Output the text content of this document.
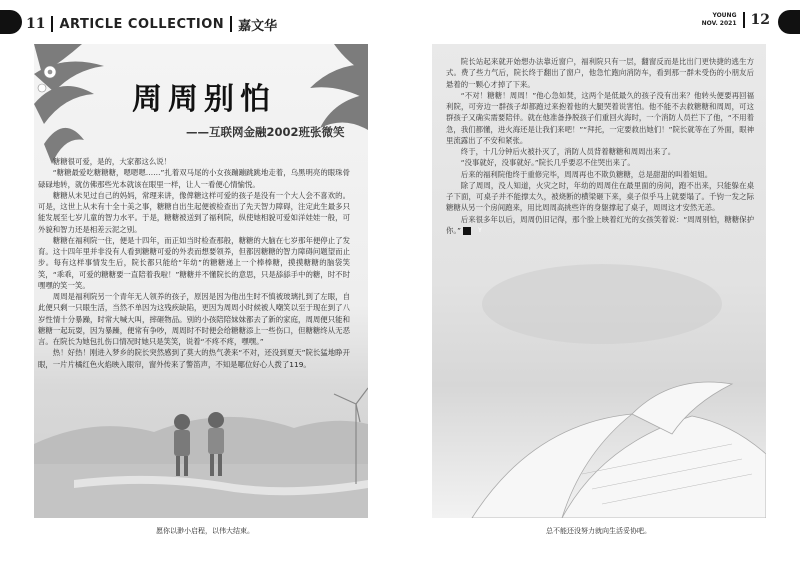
11 ARTICLE COLLECTION 嘉文华
YOUNG
NOV. 2021 12
周周别怕
——互联网金融2002班张微笑

糖糖很可爱，是的，大家都这么说！

“糖糖最爱吃糖糖糖，嗯嗯嗯……”扎着双马尾的小女孩蹦蹦跳跳地走着，乌黑明亮的眼珠骨碌碌地转，就仿佛那些光本就该在眼里一样，让人一看便心情愉悦。

糖糖从未见过自己的妈妈，常理来讲，像俾糖这样可爱的孩子是没有一个大人会不喜欢的。可是，这世上从未有十全十美之事，糖糖自出生起便被检查出了先天智力障碍，注定此生最多只能发展至七岁儿童的智力水平。于是，糖糖被送到了福利院，纵使她相貌可爱如洋娃娃一般，可外貌和智力还是相差云泥之别。

糖糖在福利院一住，便是十四年，而正如当时检查那般，糖糖的大脑在七岁那年便停止了发育。这十四年里并非没有人看到糖糖可爱的外表而想要领养，但都因糖糖的智力障碍问题望而止步。每有这样事情发生后，院长都只能给“年幼”的糖糖递上一个棒棒糖，摸摸糖糖的脑袋笑笑，“乖乖，可爱的糖糖要一直陪着我啦！”糖糖并不懂院长的意思，只是舔舔手中的糖，时不时嘿嘿的笑一笑。

周周是福利院另一个青年无人领养的孩子，原因是因为他出生时不慎被玻璃扎到了左眼，自此便只剩一只眼生活，当然不单因为这残疾缺陷，更因为周周小时候被人嘲笑以至于现在到了八岁性情十分暴躁，时常大喊大叫，摔砸物品。别的小孩陪陪妹妹都去了新的家庭，周周便只能和糖糖一起玩耍，因为暴躁，便常有争吵，周周时不时便会给糖糖添上一些伤口，但糖糖终从无恶言。在院长为她包扎伤口情况时她只是笑笑，说着“不疼不疼，嘿嘿。”

热！好热！刚进入梦乡的院长突然感到了莫大的热气袭来“不对，还没到夏天”院长猛地睁开眼，一片片橘红色火焰映入眼帘，窗外传来了警笛声，不知是哪位好心人拨了119。

院长站起来就开始想办法靠近窗户，福利院只有一层，翻窗反而是比出门更快捷的逃生方式。费了些力气后，院长终于翻出了窗户，他急忙跑向消防车，看到那一群未受伤的小朋友后悬着的一颗心才掉了下来。

“不对！糖糖！周周！”他心急如焚，这两个是低最久的孩子没有出来？他转头便要再回福利院，可旁边一群孩子却都跑过来抱着他的大腿哭着说害怕。他不能不去救糖糖和周周，可这群孩子又确实需要陪伴。就在他准备挣脱孩子们重回火海时，一个消防人员拦下了他，“不用着急，我们都懂，进火海还是让我们来吧！”“拜托，一定要救出她们！”院长就等在了外面，眼神里流露出了不安和紧张。

终于，十几分钟后火被扑灭了，消防人员背着糖糖和周周出来了。

“没事就好，没事就好。”院长几乎要忍不住哭出来了。

后来的福利院他终于重修完毕，周周再也不欺负糖糖，总是甜甜的叫着姐姐。

除了周周，没人知道，火灾之时，年幼的周周住在最里面的房间，跑不出来，只能躲在桌子下面，可桌子并不能撑太久，被烧断的横梁砸下来，桌子似乎马上就要塌了。千钧一发之际糖糖从另一个房间跑来，用比周周高挑些许的身躯撑起了桌子，周周这才安然无恙。

后来很多年以后，周周仍旧记得，那个脸上映着红光的女孩笑着说：“周周别怕，糖糖保护你。”	Y

愿你以渺小启程，以伟大结束。	总不能还没努力就向生活妥协吧。
